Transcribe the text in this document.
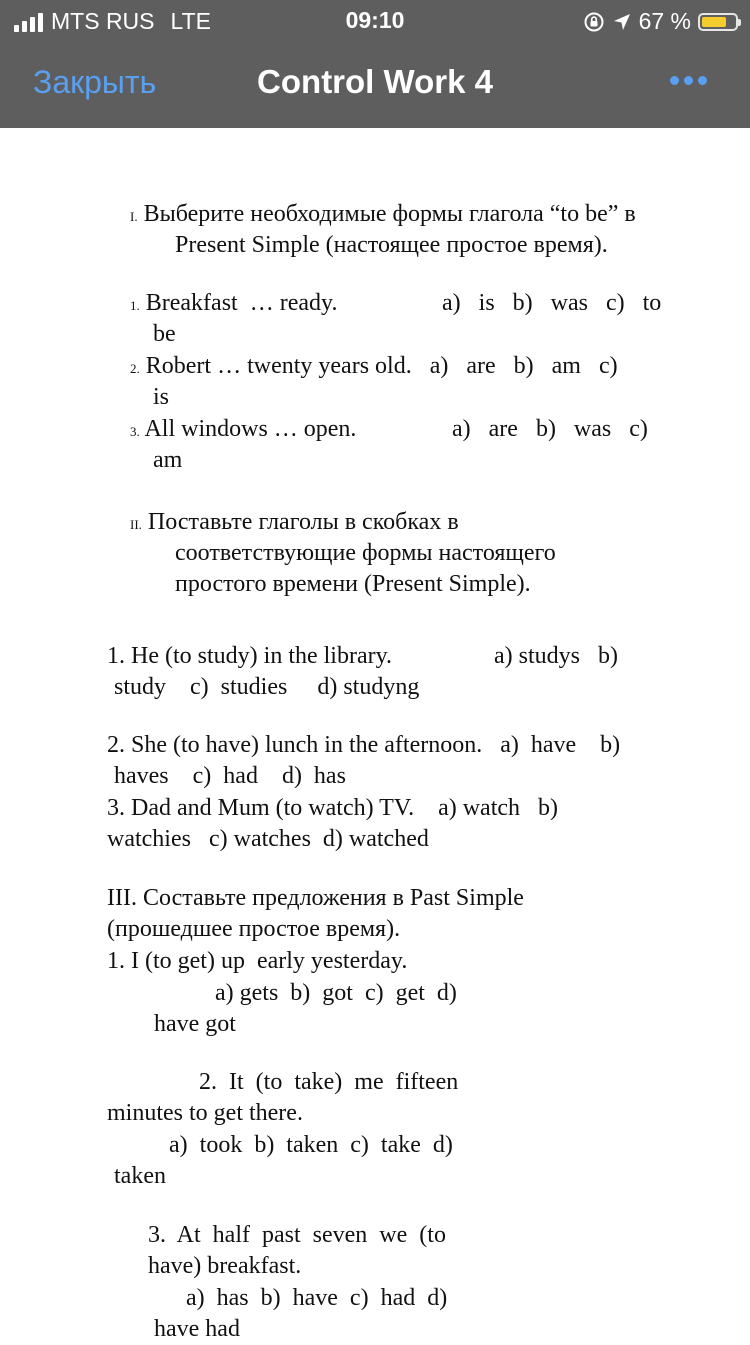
MTS RUS LTE	09:10	67 %
Закрыть	Control Work 4
I. Выберите необходимые формы глагола “to be” в
Present Simple (настоящее простое время).
1. Breakfast  … ready.	a)   is   b)   was   c)   to
be
2. Robert … twenty years old.   a)   are   b)   am   c)
is
3. All windows … open.	a)   are   b)   was   c)
am
II. Поставьте глаголы в скобках в
соответствующие формы настоящего
простого времени (Present Simple).
1. He (to study) in the library.	a) studys   b)
study    c)  studies     d) studyng
2. She (to have) lunch in the afternoon.   a)  have    b)
haves    c)  had    d)  has
3. Dad and Mum (to watch) TV.    a) watch   b)
watchies   c) watches  d) watched
III. Составьте предложения в Past Simple
(прошедшее простое время).
1. I (to get) up  early yesterday.
a) gets  b)  got  c)  get  d)
have got
2.  It  (to  take)  me  fifteen
minutes to get there.
a)  took  b)  taken  c)  take  d)
taken
3.  At  half  past  seven  we  (to
have) breakfast.
a)  has  b)  have  c)  had  d)
have had
